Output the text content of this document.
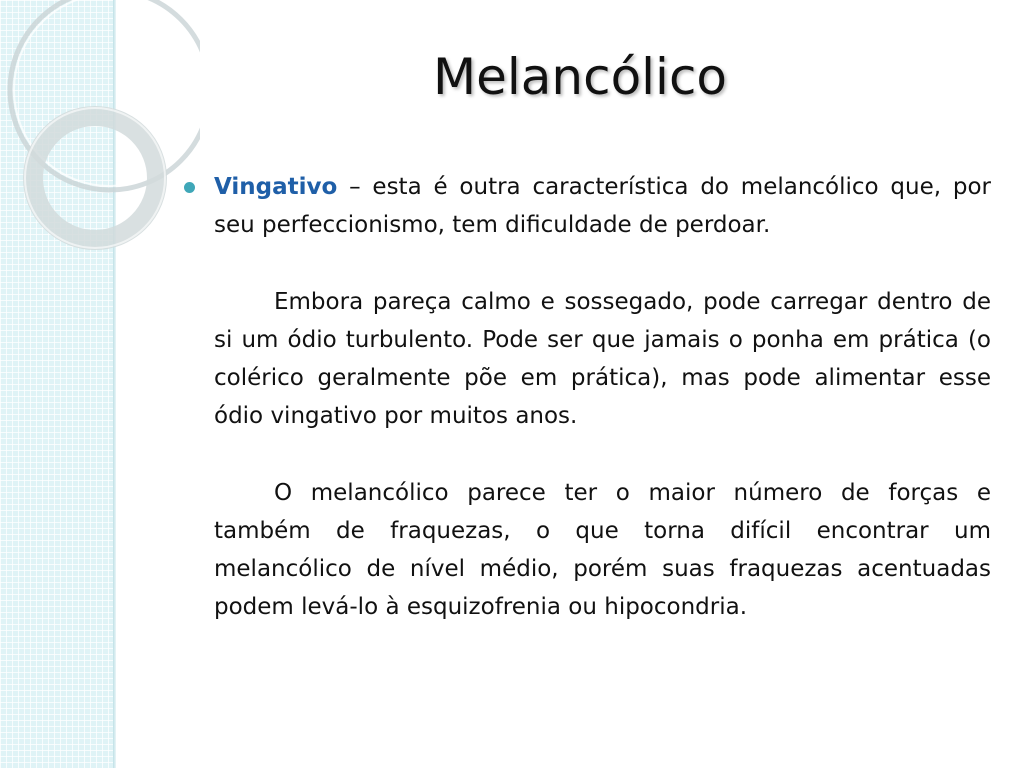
Melancólico

Vingativo – esta é outra característica do melancólico que, por seu perfeccionismo, tem dificuldade de perdoar.

Embora pareça calmo e sossegado, pode carregar dentro de si um ódio turbulento. Pode ser que jamais o ponha em prática (o colérico geralmente põe em prática), mas pode alimentar esse ódio vingativo por muitos anos.

O melancólico parece ter o maior número de forças e também de fraquezas, o que torna difícil encontrar um melancólico de nível médio, porém suas fraquezas acentuadas podem levá-lo à esquizofrenia ou hipocondria.
